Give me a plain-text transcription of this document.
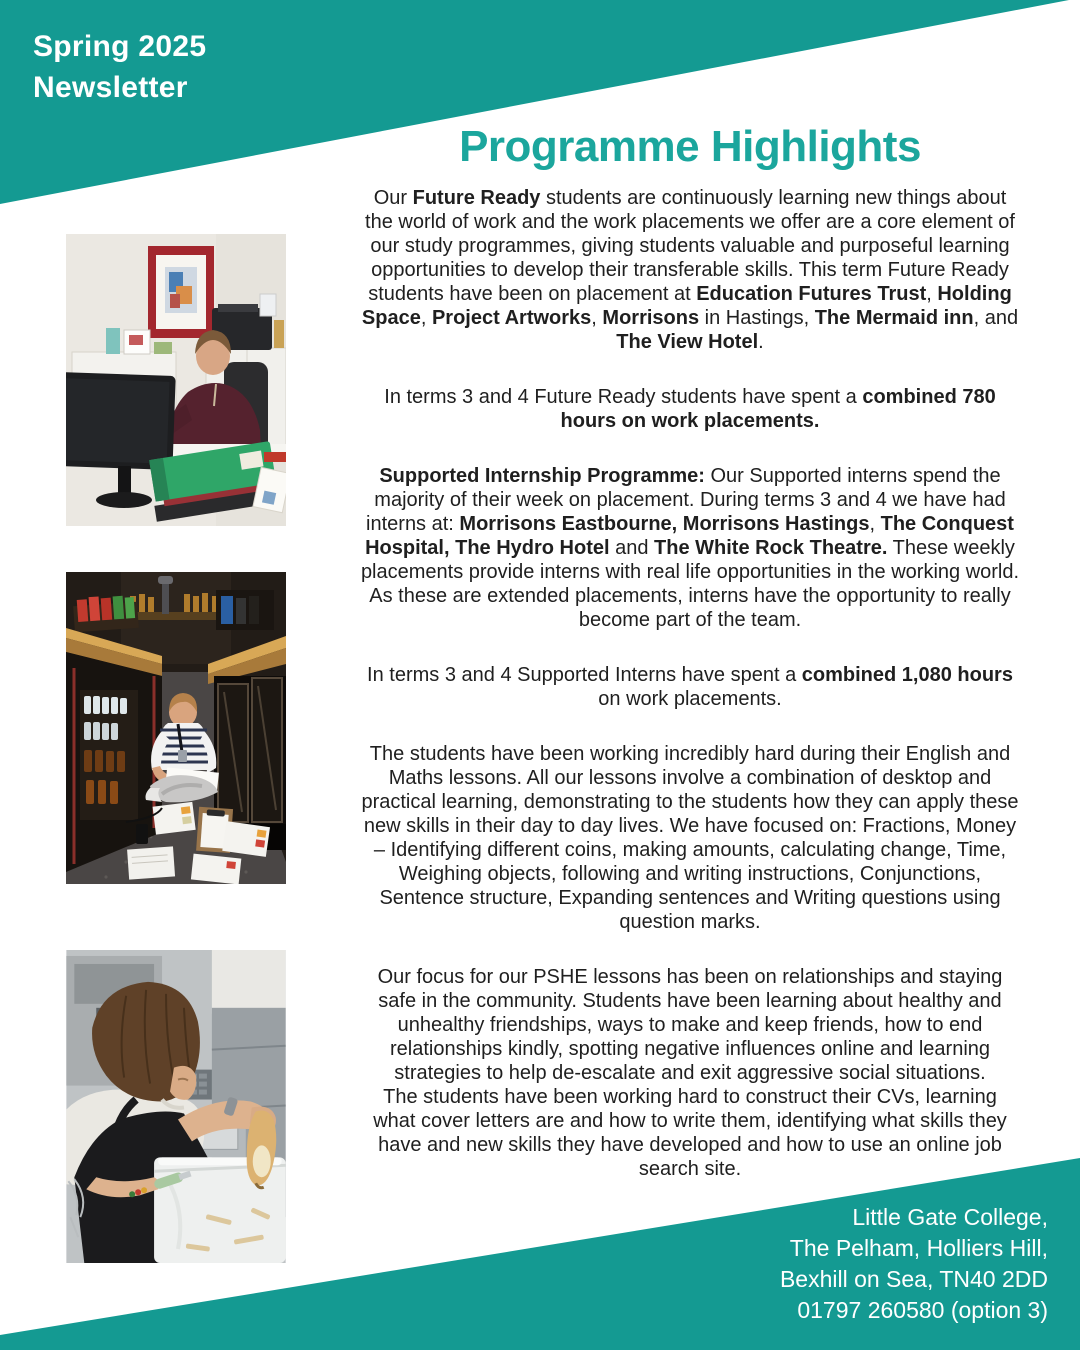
Spring 2025
Newsletter
Programme Highlights

Our Future Ready students are continuously learning new things about the world of work and the work placements we offer are a core element of our study programmes, giving students valuable and purposeful learning opportunities to develop their transferable skills. This term Future Ready students have been on placement at Education Futures Trust, Holding Space, Project Artworks, Morrisons in Hastings, The Mermaid inn, and The View Hotel.

In terms 3 and 4 Future Ready students have spent a combined 780 hours on work placements.

Supported Internship Programme: Our Supported interns spend the majority of their week on placement. During terms 3 and 4 we have had interns at: Morrisons Eastbourne, Morrisons Hastings, The Conquest Hospital, The Hydro Hotel and The White Rock Theatre. These weekly placements provide interns with real life opportunities in the working world. As these are extended placements, interns have the opportunity to really become part of the team.

In terms 3 and 4 Supported Interns have spent a combined 1,080 hours on work placements.

The students have been working incredibly hard during their English and Maths lessons. All our lessons involve a combination of desktop and practical learning, demonstrating to the students how they can apply these new skills in their day to day lives. We have focused on: Fractions, Money – Identifying different coins, making amounts, calculating change, Time, Weighing objects, following and writing instructions, Conjunctions, Sentence structure, Expanding sentences and Writing questions using question marks.

Our focus for our PSHE lessons has been on relationships and staying safe in the community. Students have been learning about healthy and unhealthy friendships, ways to make and keep friends, how to end relationships kindly, spotting negative influences online and learning strategies to help de-escalate and exit aggressive social situations.
The students have been working hard to construct their CVs, learning what cover letters are and how to write them, identifying what skills they have and new skills they have developed and how to use an online job search site.

Little Gate College,
The Pelham, Holliers Hill,
Bexhill on Sea, TN40 2DD
01797 260580 (option 3)
